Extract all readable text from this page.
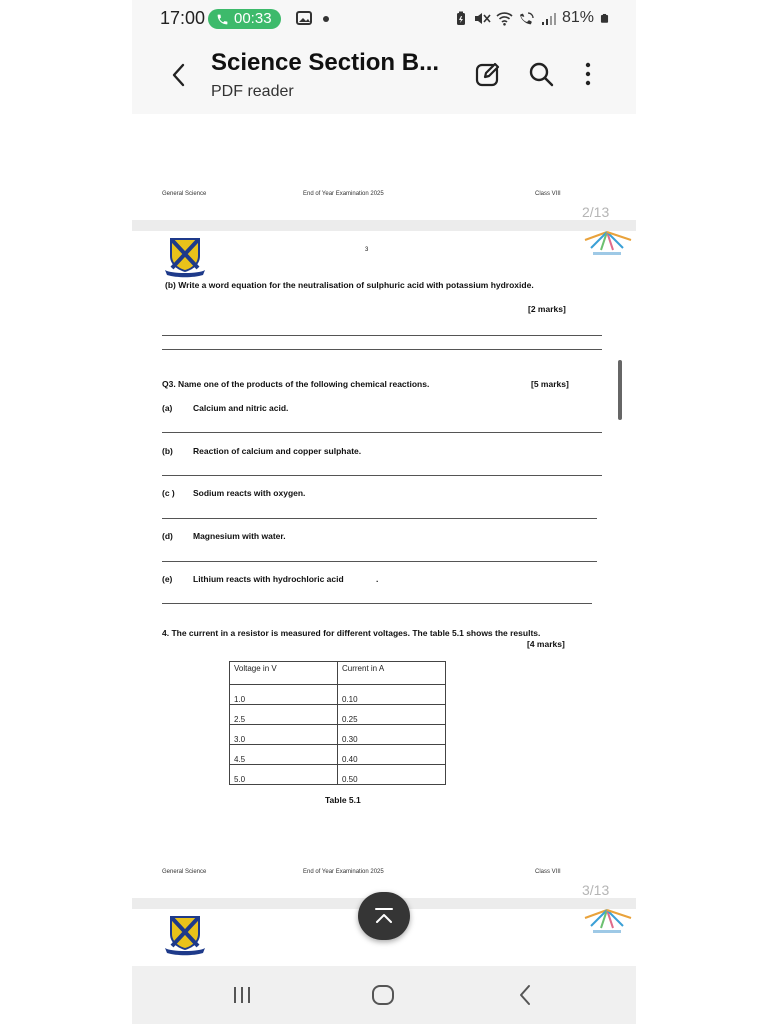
17:00 00:33	81%
Science Section B...
PDF reader
General Science	End of Year Examination 2025	Class VIII
2/13
3
(b) Write a word equation for the neutralisation of sulphuric acid with potassium hydroxide.
[2 marks]
Q3. Name one of the products of the following chemical reactions.	[5 marks]
(a) Calcium and nitric acid.
(b) Reaction of calcium and copper sulphate.
(c ) Sodium reacts with oxygen.
(d) Magnesium with water.
(e) Lithium reacts with hydrochloric acid	.
4. The current in a resistor is measured for different voltages. The table 5.1 shows the results.
[4 marks]
Voltage in V	Current in A
1.0	0.10
2.5	0.25
3.0	0.30
4.5	0.40
5.0	0.50
Table 5.1
General Science	End of Year Examination 2025	Class VIII
3/13
